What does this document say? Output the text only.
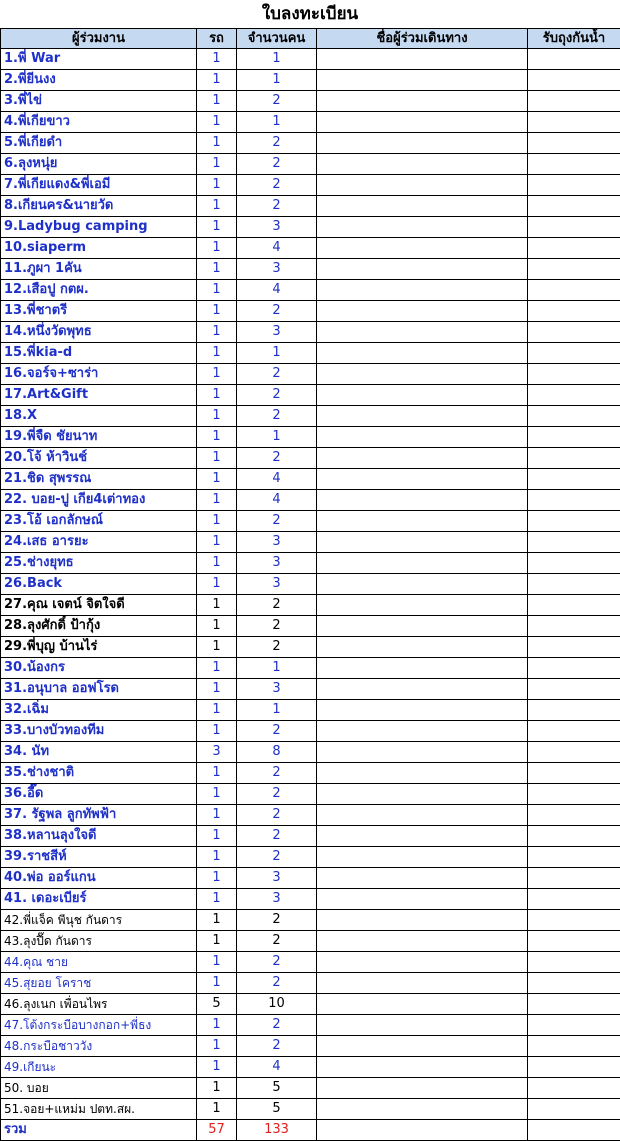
ใบลงทะเบียน
ผู้ร่วมงาน	รถ	จำนวนคน	ชื่อผู้ร่วมเดินทาง	รับถุงกันน้ำ
1.พี่ War	1	1		
2.พี่ยีนงง	1	1		
3.พี่ไข่	1	2		
4.พี่เกียขาว	1	1		
5.พี่เกียดำ	1	2		
6.ลุงหนุ่ย	1	2		
7.พี่เกียแดง&พี่เอมี	1	2		
8.เกียนคร&นายวัด	1	2		
9.Ladybug camping	1	3		
10.siaperm	1	4		
11.ภูผา 1คัน	1	3		
12.เสือปู กตผ.	1	4		
13.พี่ชาตรี	1	2		
14.หนึ่งวัดพุทธ	1	3		
15.พี่kia-d	1	1		
16.จอร์จ+ซาร่า	1	2		
17.Art&Gift	1	2		
18.X	1	2		
19.พี่จืด ชัยนาท	1	1		
20.โจ้ ห้าวินช์	1	2		
21.ชิด สุพรรณ	1	4		
22. บอย-ปู เกีย4เต่าทอง	1	4		
23.โอ้ เอกลักษณ์	1	2		
24.เสธ อารยะ	1	3		
25.ช่างยุทธ	1	3		
26.Back	1	3		
27.คุณ เจตน์ จิตใจดี	1	2		
28.ลุงศักดิ์ ป้ากุ้ง	1	2		
29.พี่บุญ บ้านไร่	1	2		
30.น้องกร	1	1		
31.อนุบาล ออฟโรด	1	3		
32.เฉิ่ม	1	1		
33.บางบัวทองทีม	1	2		
34. นัท	3	8		
35.ช่างชาติ	1	2		
36.อี๊ด	1	2		
37. รัฐพล ลูกทัพฟ้า	1	2		
38.หลานลุงใจดี	1	2		
39.ราชสีห์	1	2		
40.พ่อ ออร์แกน	1	3		
41. เดอะเบียร์	1	3		
42.พี่แจ็ค พีนุช กันดาร	1	2		
43.ลุงปื๊ด กันดาร	1	2		
44.คุณ ชาย	1	2		
45.สุยอย โคราช	1	2		
46.ลุงเนก เพื่อนไพร	5	10		
47.โต้งกระบือบางกอก+พี่ธง	1	2		
48.กระบือชาววัง	1	2		
49.เกียนะ	1	4		
50. บอย	1	5		
51.จอย+แหม่ม ปตท.สผ.	1	5		
รวม	57	133		
